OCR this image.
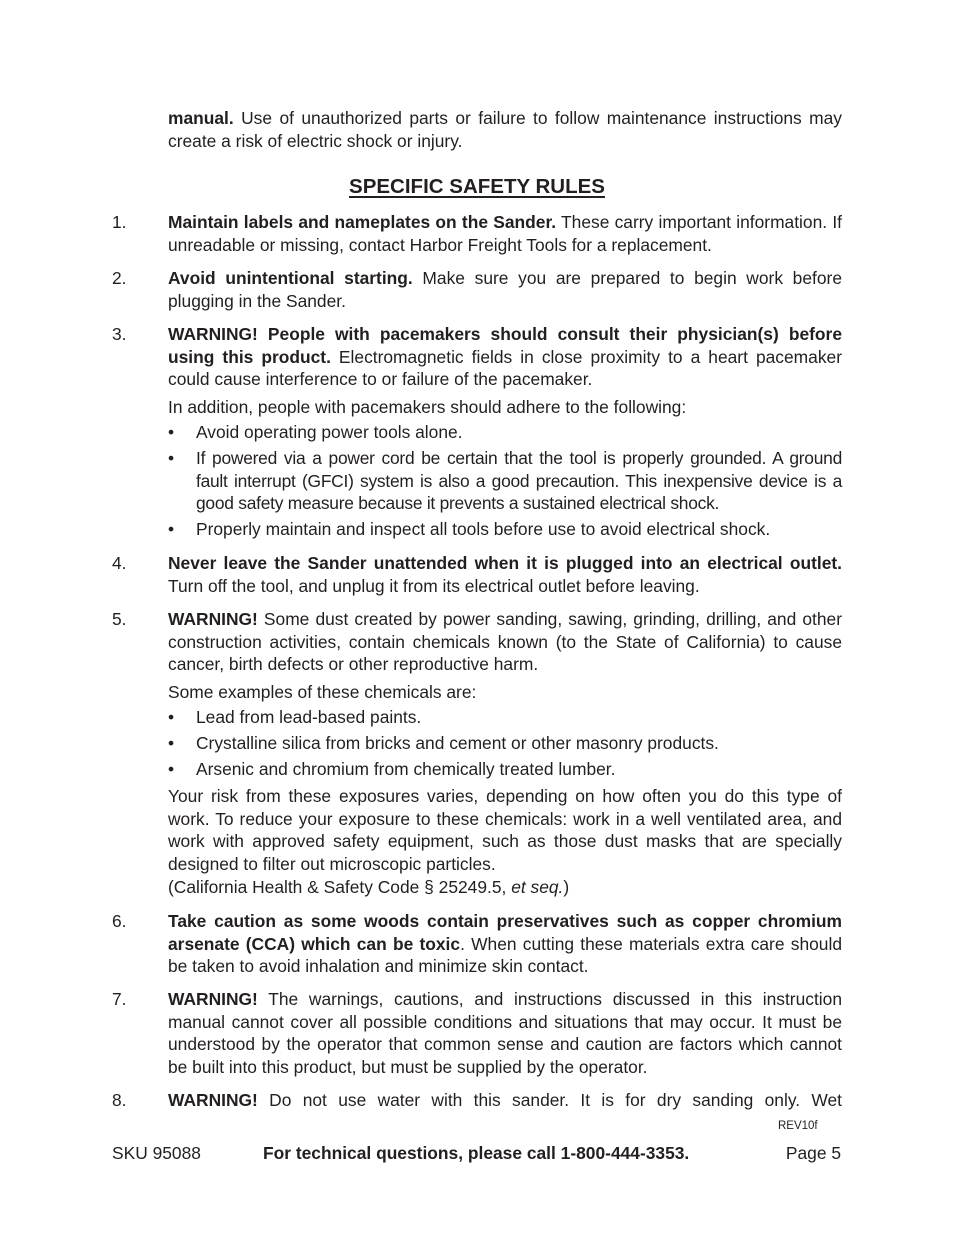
manual. Use of unauthorized parts or failure to follow maintenance instructions may create a risk of electric shock or injury.
SPECIFIC SAFETY RULES
1.	Maintain labels and nameplates on the Sander. These carry important information. If unreadable or missing, contact Harbor Freight Tools for a replacement.
2.	Avoid unintentional starting. Make sure you are prepared to begin work before plugging in the Sander.
3.	WARNING! People with pacemakers should consult their physician(s) before using this product. Electromagnetic fields in close proximity to a heart pacemaker could cause interference to or failure of the pacemaker.
In addition, people with pacemakers should adhere to the following:
• Avoid operating power tools alone.
• If powered via a power cord be certain that the tool is properly grounded. A ground fault interrupt (GFCI) system is also a good precaution. This inexpensive device is a good safety measure because it prevents a sustained electrical shock.
• Properly maintain and inspect all tools before use to avoid electrical shock.
4.	Never leave the Sander unattended when it is plugged into an electrical outlet. Turn off the tool, and unplug it from its electrical outlet before leaving.
5.	WARNING! Some dust created by power sanding, sawing, grinding, drilling, and other construction activities, contain chemicals known (to the State of California) to cause cancer, birth defects or other reproductive harm.
Some examples of these chemicals are:
• Lead from lead-based paints.
• Crystalline silica from bricks and cement or other masonry products.
• Arsenic and chromium from chemically treated lumber.
Your risk from these exposures varies, depending on how often you do this type of work. To reduce your exposure to these chemicals: work in a well ventilated area, and work with approved safety equipment, such as those dust masks that are specially designed to filter out microscopic particles.
(California Health & Safety Code § 25249.5, et seq.)
6.	Take caution as some woods contain preservatives such as copper chromium arsenate (CCA) which can be toxic. When cutting these materials extra care should be taken to avoid inhalation and minimize skin contact.
7.	WARNING! The warnings, cautions, and instructions discussed in this instruction manual cannot cover all possible conditions and situations that may occur. It must be understood by the operator that common sense and caution are factors which cannot be built into this product, but must be supplied by the operator.
8.	WARNING! Do not use water with this sander. It is for dry sanding only. Wet
REV10f
SKU 95088	For technical questions, please call 1-800-444-3353.	Page 5
